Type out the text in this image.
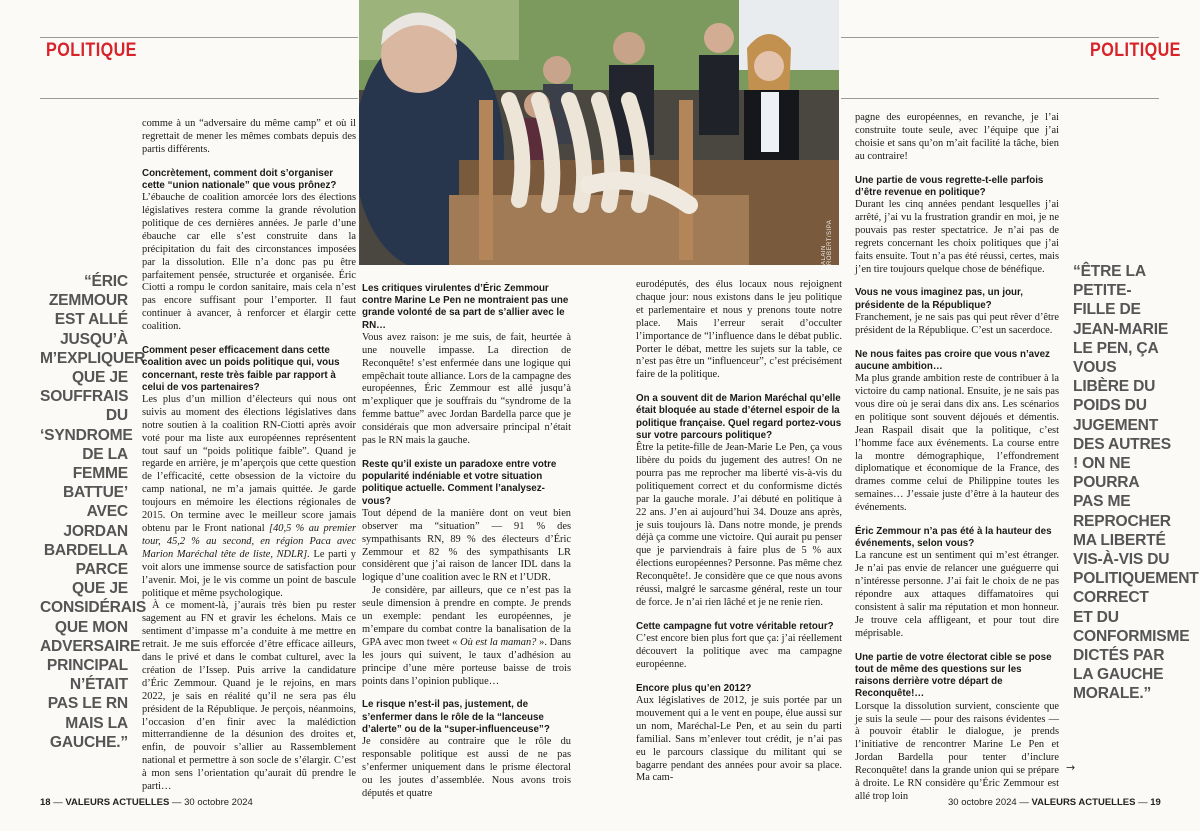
POLITIQUE	POLITIQUE
ALAIN ROBERT/SIPA
“ÉRIC ZEMMOUR EST ALLÉ JUSQU’À M’EXPLIQUER QUE JE SOUFFRAIS DU ‘SYNDROME DE LA FEMME BATTUE’ AVEC JORDAN BARDELLA PARCE QUE JE CONSIDÉRAIS QUE MON ADVERSAIRE PRINCIPAL N’ÉTAIT PAS LE RN MAIS LA GAUCHE.”
“ÊTRE LA PETITE-FILLE DE JEAN-MARIE LE PEN, ÇA VOUS LIBÈRE DU POIDS DU JUGEMENT DES AUTRES ! ON NE POURRA PAS ME REPROCHER MA LIBERTÉ VIS-À-VIS DU POLITIQUEMENT CORRECT ET DU CONFORMISME DICTÉS PAR LA GAUCHE MORALE.”

comme à un “adversaire du même camp” et où il regrettait de mener les mêmes combats depuis des partis différents.

Concrètement, comment doit s’organiser cette “union nationale” que vous prônez?

L’ébauche de coalition amorcée lors des élections législatives restera comme la grande révolution politique de ces dernières années. Je parle d’une ébauche car elle s’est construite dans la précipitation du fait des circonstances imposées par la dissolution. Elle n’a donc pas pu être parfaitement pensée, structurée et organisée. Éric Ciotti a rompu le cordon sanitaire, mais cela n’est pas encore suffisant pour l’emporter. Il faut continuer à avancer, à renforcer et élargir cette coalition.

Comment peser efficacement dans cette coalition avec un poids politique qui, vous concernant, reste très faible par rapport à celui de vos partenaires?

Les plus d’un million d’électeurs qui nous ont suivis au moment des élections législatives dans notre soutien à la coalition RN-Ciotti après avoir voté pour ma liste aux européennes représentent tout sauf un “poids politique faible”. Quand je regarde en arrière, je m’aperçois que cette question de l’efficacité, cette obsession de la victoire du camp national, ne m’a jamais quittée. Je garde toujours en mémoire les élections régionales de 2015. On termine avec le meilleur score jamais obtenu par le Front national [40,5 % au premier tour, 45,2 % au second, en région Paca avec Marion Maréchal tête de liste, NDLR]. Le parti y voit alors une immense source de satisfaction pour l’avenir. Moi, je le vis comme un point de bascule politique et même psychologique.

À ce moment-là, j’aurais très bien pu rester sagement au FN et gravir les échelons. Mais ce sentiment d’impasse m’a conduite à me mettre en retrait. Je me suis efforcée d’être efficace ailleurs, dans le privé et dans le combat culturel, avec la création de l’Issep. Puis arrive la candidature d’Éric Zemmour. Quand je le rejoins, en mars 2022, je sais en réalité qu’il ne sera pas élu président de la République. Je perçois, néanmoins, l’occasion d’en finir avec la malédiction mitterrandienne de la désunion des droites et, enfin, de pouvoir s’allier au Rassemblement national et permettre à son socle de s’élargir. C’est à mon sens l’orientation qu’aurait dû prendre le parti…

Les critiques virulentes d’Éric Zemmour contre Marine Le Pen ne montraient pas une grande volonté de sa part de s’allier avec le RN…

Vous avez raison: je me suis, de fait, heurtée à une nouvelle impasse. La direction de Reconquête! s’est enfermée dans une logique qui empêchait toute alliance. Lors de la campagne des européennes, Éric Zemmour est allé jusqu’à m’expliquer que je souffrais du “syndrome de la femme battue” avec Jordan Bardella parce que je considérais que mon adversaire principal n’était pas le RN mais la gauche.

Reste qu’il existe un paradoxe entre votre popularité indéniable et votre situation politique actuelle. Comment l’analysez-vous?

Tout dépend de la manière dont on veut bien observer ma “situation” — 91 % des sympathisants RN, 89 % des électeurs d’Éric Zemmour et 82 % des sympathisants LR considèrent que j’ai raison de lancer IDL dans la logique d’une coalition avec le RN et l’UDR.

Je considère, par ailleurs, que ce n’est pas la seule dimension à prendre en compte. Je prends un exemple: pendant les européennes, je m’empare du combat contre la banalisation de la GPA avec mon tweet « Où est la maman? ». Dans les jours qui suivent, le taux d’adhésion au principe d’une mère porteuse baisse de trois points dans l’opinion publique…

Le risque n’est-il pas, justement, de s’enfermer dans le rôle de la “lanceuse d’alerte” ou de la “super-influenceuse”?

Je considère au contraire que le rôle du responsable politique est aussi de ne pas s’enfermer uniquement dans le prisme électoral ou les joutes d’assemblée. Nous avons trois députés et quatre

eurodéputés, des élus locaux nous rejoignent chaque jour: nous existons dans le jeu politique et parlementaire et nous y prenons toute notre place. Mais l’erreur serait d’occulter l’importance de “l’influence dans le débat public. Porter le débat, mettre les sujets sur la table, ce n’est pas être un “influenceur”, c’est précisément faire de la politique.

On a souvent dit de Marion Maréchal qu’elle était bloquée au stade d’éternel espoir de la politique française. Quel regard portez-vous sur votre parcours politique?

Être la petite-fille de Jean-Marie Le Pen, ça vous libère du poids du jugement des autres! On ne pourra pas me reprocher ma liberté vis-à-vis du politiquement correct et du conformisme dictés par la gauche morale. J’ai débuté en politique à 22 ans. J’en ai aujourd’hui 34. Douze ans après, je suis toujours là. Dans notre monde, je prends déjà ça comme une victoire. Qui aurait pu penser que je parviendrais à faire plus de 5 % aux élections européennes? Personne. Pas même chez Reconquête!. Je considère que ce que nous avons réussi, malgré le sarcasme général, reste un tour de force. Je n’ai rien lâché et je ne renie rien.

Cette campagne fut votre véritable retour?

C’est encore bien plus fort que ça: j’ai réellement découvert la politique avec ma campagne européenne.

Encore plus qu’en 2012?

Aux législatives de 2012, je suis portée par un mouvement qui a le vent en poupe, élue aussi sur un nom, Maréchal-Le Pen, et au sein du parti familial. Sans m’enlever tout crédit, je n’ai pas eu le parcours classique du militant qui se bagarre pendant des années pour avoir sa place. Ma cam-

pagne des européennes, en revanche, je l’ai construite toute seule, avec l’équipe que j’ai choisie et sans qu’on m’ait facilité la tâche, bien au contraire!

Une partie de vous regrette-t-elle parfois d’être revenue en politique?

Durant les cinq années pendant lesquelles j’ai arrêté, j’ai vu la frustration grandir en moi, je ne pouvais pas rester spectatrice. Je n’ai pas de regrets concernant les choix politiques que j’ai faits ensuite. Tout n’a pas été réussi, certes, mais j’en tire toujours quelque chose de bénéfique.

Vous ne vous imaginez pas, un jour, présidente de la République?

Franchement, je ne sais pas qui peut rêver d’être président de la République. C’est un sacerdoce.

Ne nous faites pas croire que vous n’avez aucune ambition…

Ma plus grande ambition reste de contribuer à la victoire du camp national. Ensuite, je ne sais pas vous dire où je serai dans dix ans. Les scénarios en politique sont souvent déjoués et démentis. Jean Raspail disait que la politique, c’est l’homme face aux événements. La course entre la montre démographique, l’effondrement diplomatique et économique de la France, des drames comme celui de Philippine toutes les semaines… J’essaie juste d’être à la hauteur des événements.

Éric Zemmour n’a pas été à la hauteur des événements, selon vous?

La rancune est un sentiment qui m’est étranger. Je n’ai pas envie de relancer une guéguerre qui n’intéresse personne. J’ai fait le choix de ne pas répondre aux attaques diffamatoires qui consistent à salir ma réputation et mon honneur. Je trouve cela affligeant, et pour tout dire méprisable.

Une partie de votre électorat cible se pose tout de même des questions sur les raisons derrière votre départ de Reconquête!…

Lorsque la dissolution survient, consciente que je suis la seule — pour des raisons évidentes — à pouvoir établir le dialogue, je prends l’initiative de rencontrer Marine Le Pen et Jordan Bardella pour tenter d’inclure Reconquête! dans la grande union qui se prépare à droite. Le RN considère qu’Éric Zemmour est allé trop loin

→
18 — VALEURS ACTUELLES — 30 octobre 2024	30 octobre 2024 — VALEURS ACTUELLES — 19
